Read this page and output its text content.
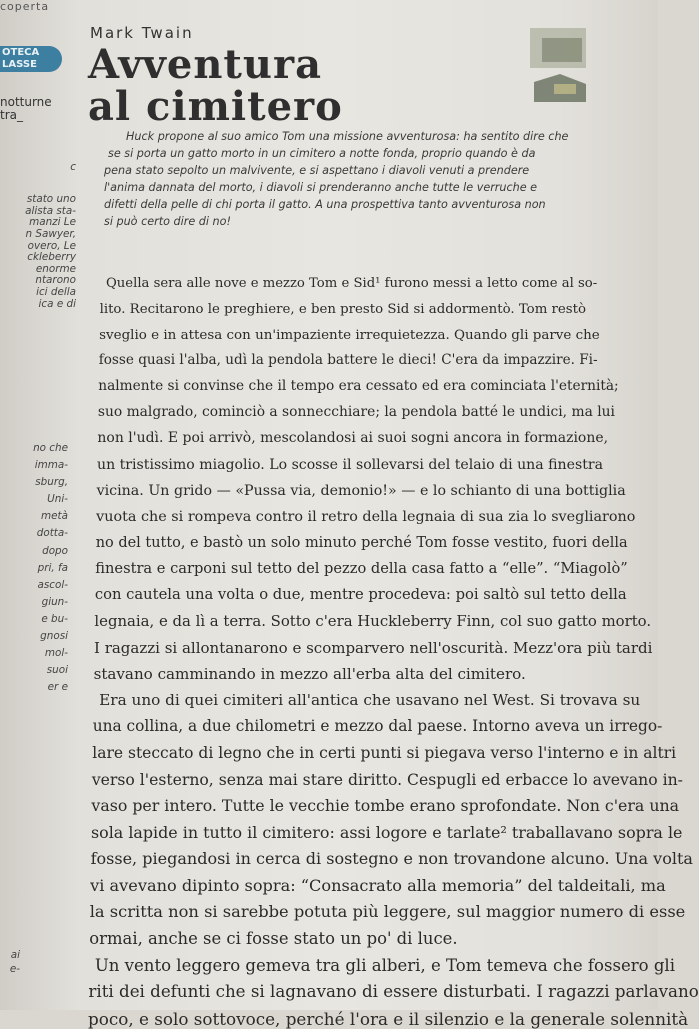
coperta
OTECA
LASSE
notturne
tra_
Mark Twain
Avventura
al cimitero
Huck propone al suo amico Tom una missione avventurosa: ha sentito dire che
se si porta un gatto morto in un cimitero a notte fonda, proprio quando è da
pena stato sepolto un malvivente, e si aspettano i diavoli venuti a prendere
l'anima dannata del morto, i diavoli si prenderanno anche tutte le verruche e
difetti della pelle di chi porta il gatto. A una prospettiva tanto avventurosa non
si può certo dire di no!
c
stato uno
alista sta-
manzi Le
n Sawyer,
overo, Le
ckleberry
enorme
ntarono
ici della
ica e di
no che
imma-
sburg,
Uni-
metà
dotta-
dopo
pri, fa
ascol-
giun-
e bu-
gnosi
mol-
suoi
er e
Quella sera alle nove e mezzo Tom e Sid¹ furono messi a letto come al so-
lito. Recitarono le preghiere, e ben presto Sid si addormentò. Tom restò
sveglio e in attesa con un'impaziente irrequietezza. Quando gli parve che
fosse quasi l'alba, udì la pendola battere le dieci! C'era da impazzire. Fi-
nalmente si convinse che il tempo era cessato ed era cominciata l'eternità;
suo malgrado, cominciò a sonnecchiare; la pendola batté le undici, ma lui
non l'udì. E poi arrivò, mescolandosi ai suoi sogni ancora in formazione,
un tristissimo miagolio. Lo scosse il sollevarsi del telaio di una finestra
vicina. Un grido — «Pussa via, demonio!» — e lo schianto di una bottiglia
vuota che si rompeva contro il retro della legnaia di sua zia lo svegliarono
no del tutto, e bastò un solo minuto perché Tom fosse vestito, fuori della
finestra e carponi sul tetto del pezzo della casa fatto a “elle”. “Miagolò”
con cautela una volta o due, mentre procedeva: poi saltò sul tetto della
legnaia, e da lì a terra. Sotto c'era Huckleberry Finn, col suo gatto morto.
I ragazzi si allontanarono e scomparvero nell'oscurità. Mezz'ora più tardi
stavano camminando in mezzo all'erba alta del cimitero.
Era uno di quei cimiteri all'antica che usavano nel West. Si trovava su
una collina, a due chilometri e mezzo dal paese. Intorno aveva un irrego-
lare steccato di legno che in certi punti si piegava verso l'interno e in altri
verso l'esterno, senza mai stare diritto. Cespugli ed erbacce lo avevano in-
vaso per intero. Tutte le vecchie tombe erano sprofondate. Non c'era una
sola lapide in tutto il cimitero: assi logore e tarlate² traballavano sopra le
fosse, piegandosi in cerca di sostegno e non trovandone alcuno. Una volta
vi avevano dipinto sopra: “Consacrato alla memoria” del taldeitali, ma
la scritta non si sarebbe potuta più leggere, sul maggior numero di esse
ormai, anche se ci fosse stato un po' di luce.
Un vento leggero gemeva tra gli alberi, e Tom temeva che fossero gli
riti dei defunti che si lagnavano di essere disturbati. I ragazzi parlavano
poco, e solo sottovoce, perché l'ora e il silenzio e la generale solennità
ai
e-
